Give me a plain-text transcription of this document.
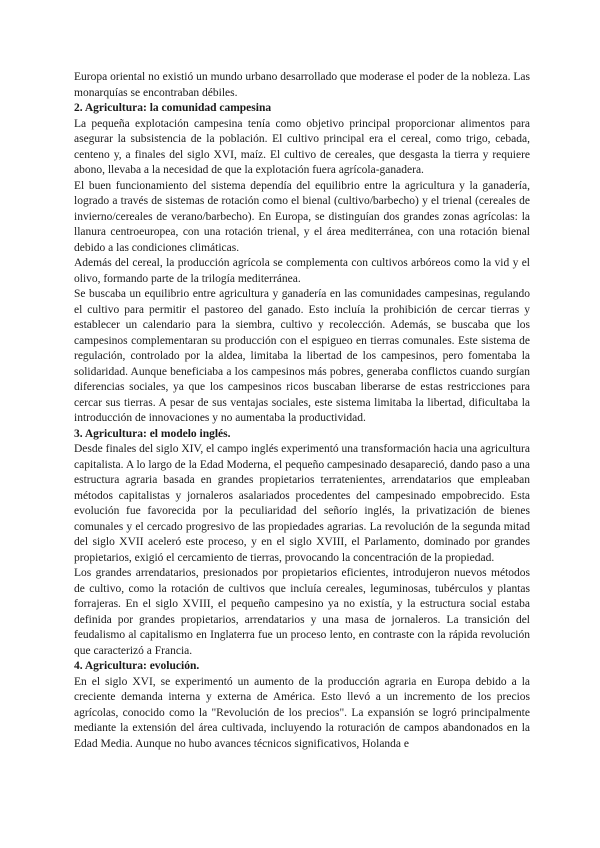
Europa oriental no existió un mundo urbano desarrollado que moderase el poder de la nobleza. Las monarquías se encontraban débiles.

2. Agricultura: la comunidad campesina

La pequeña explotación campesina tenía como objetivo principal proporcionar alimentos para asegurar la subsistencia de la población. El cultivo principal era el cereal, como trigo, cebada, centeno y, a finales del siglo XVI, maíz. El cultivo de cereales, que desgasta la tierra y requiere abono, llevaba a la necesidad de que la explotación fuera agrícola-ganadera.

El buen funcionamiento del sistema dependía del equilibrio entre la agricultura y la ganadería, logrado a través de sistemas de rotación como el bienal (cultivo/barbecho) y el trienal (cereales de invierno/cereales de verano/barbecho). En Europa, se distinguían dos grandes zonas agrícolas: la llanura centroeuropea, con una rotación trienal, y el área mediterránea, con una rotación bienal debido a las condiciones climáticas.

Además del cereal, la producción agrícola se complementa con cultivos arbóreos como la vid y el olivo, formando parte de la trilogía mediterránea.

Se buscaba un equilibrio entre agricultura y ganadería en las comunidades campesinas, regulando el cultivo para permitir el pastoreo del ganado. Esto incluía la prohibición de cercar tierras y establecer un calendario para la siembra, cultivo y recolección. Además, se buscaba que los campesinos complementaran su producción con el espigueo en tierras comunales. Este sistema de regulación, controlado por la aldea, limitaba la libertad de los campesinos, pero fomentaba la solidaridad. Aunque beneficiaba a los campesinos más pobres, generaba conflictos cuando surgían diferencias sociales, ya que los campesinos ricos buscaban liberarse de estas restricciones para cercar sus tierras. A pesar de sus ventajas sociales, este sistema limitaba la libertad, dificultaba la introducción de innovaciones y no aumentaba la productividad.

3. Agricultura: el modelo inglés.

Desde finales del siglo XIV, el campo inglés experimentó una transformación hacia una agricultura capitalista. A lo largo de la Edad Moderna, el pequeño campesinado desapareció, dando paso a una estructura agraria basada en grandes propietarios terratenientes, arrendatarios que empleaban métodos capitalistas y jornaleros asalariados procedentes del campesinado empobrecido. Esta evolución fue favorecida por la peculiaridad del señorío inglés, la privatización de bienes comunales y el cercado progresivo de las propiedades agrarias. La revolución de la segunda mitad del siglo XVII aceleró este proceso, y en el siglo XVIII, el Parlamento, dominado por grandes propietarios, exigió el cercamiento de tierras, provocando la concentración de la propiedad.

Los grandes arrendatarios, presionados por propietarios eficientes, introdujeron nuevos métodos de cultivo, como la rotación de cultivos que incluía cereales, leguminosas, tubérculos y plantas forrajeras. En el siglo XVIII, el pequeño campesino ya no existía, y la estructura social estaba definida por grandes propietarios, arrendatarios y una masa de jornaleros. La transición del feudalismo al capitalismo en Inglaterra fue un proceso lento, en contraste con la rápida revolución que caracterizó a Francia.

4. Agricultura: evolución.

En el siglo XVI, se experimentó un aumento de la producción agraria en Europa debido a la creciente demanda interna y externa de América. Esto llevó a un incremento de los precios agrícolas, conocido como la "Revolución de los precios". La expansión se logró principalmente mediante la extensión del área cultivada, incluyendo la roturación de campos abandonados en la Edad Media. Aunque no hubo avances técnicos significativos, Holanda e
